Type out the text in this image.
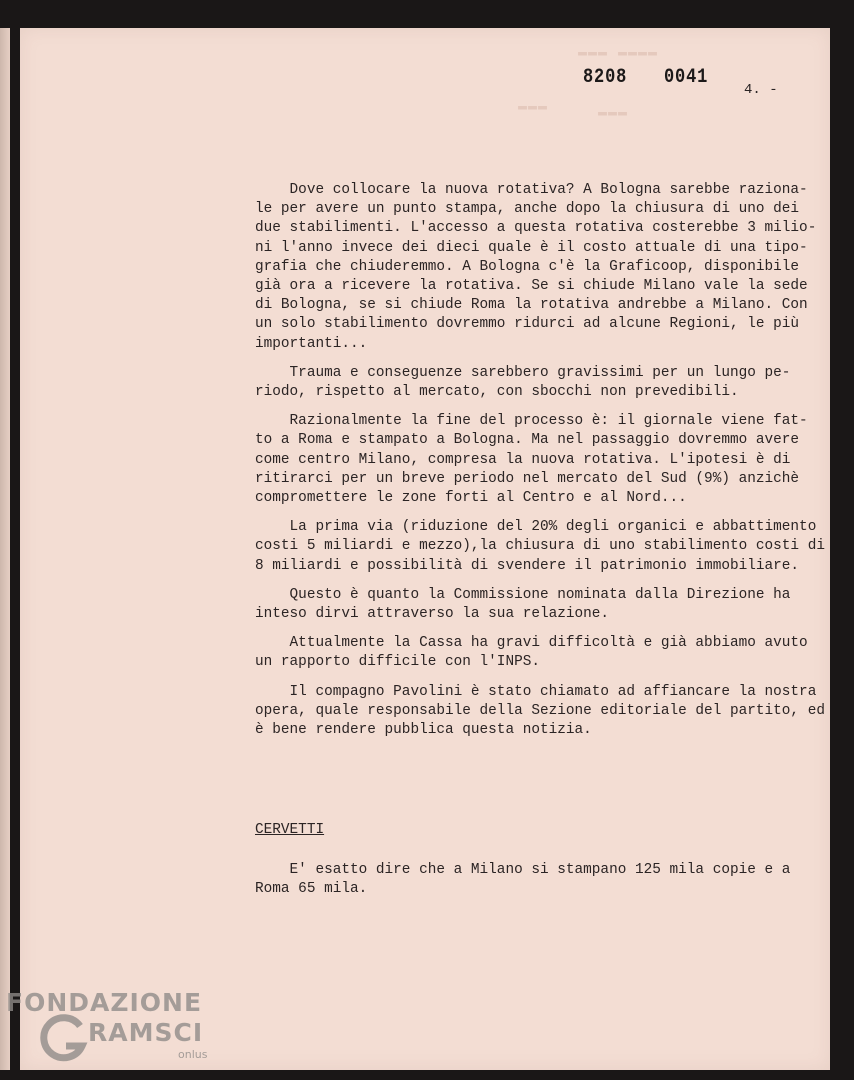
▬▬▬ ▬▬▬▬
▬▬▬	▬▬▬
8208 0041
4. -
Dove collocare la nuova rotativa? A Bologna sarebbe raziona-
le per avere un punto stampa, anche dopo la chiusura di uno dei
due stabilimenti. L'accesso a questa rotativa costerebbe 3 milio-
ni l'anno invece dei dieci quale è il costo attuale di una tipo-
grafia che chiuderemmo. A Bologna c'è la Graficoop, disponibile
già ora a ricevere la rotativa. Se si chiude Milano vale la sede
di Bologna, se si chiude Roma la rotativa andrebbe a Milano. Con
un solo stabilimento dovremmo ridurci ad alcune Regioni, le più
importanti...
Trauma e conseguenze sarebbero gravissimi per un lungo pe-
riodo, rispetto al mercato, con sbocchi non prevedibili.
Razionalmente la fine del processo è: il giornale viene fat-
to a Roma e stampato a Bologna. Ma nel passaggio dovremmo avere
come centro Milano, compresa la nuova rotativa. L'ipotesi è di
ritirarci per un breve periodo nel mercato del Sud (9%) anzichè
compromettere le zone forti al Centro e al Nord...
La prima via (riduzione del 20% degli organici e abbattimento
costi 5 miliardi e mezzo),la chiusura di uno stabilimento costi di
8 miliardi e possibilità di svendere il patrimonio immobiliare.
Questo è quanto la Commissione nominata dalla Direzione ha
inteso dirvi attraverso la sua relazione.
Attualmente la Cassa ha gravi difficoltà e già abbiamo avuto
un rapporto difficile con l'INPS.
Il compagno Pavolini è stato chiamato ad affiancare la nostra
opera, quale responsabile della Sezione editoriale del partito, ed
è bene rendere pubblica questa notizia.
CERVETTI
E' esatto dire che a Milano si stampano 125 mila copie e a
Roma 65 mila.
FONDAZIONE
RAMSCI
onlus
